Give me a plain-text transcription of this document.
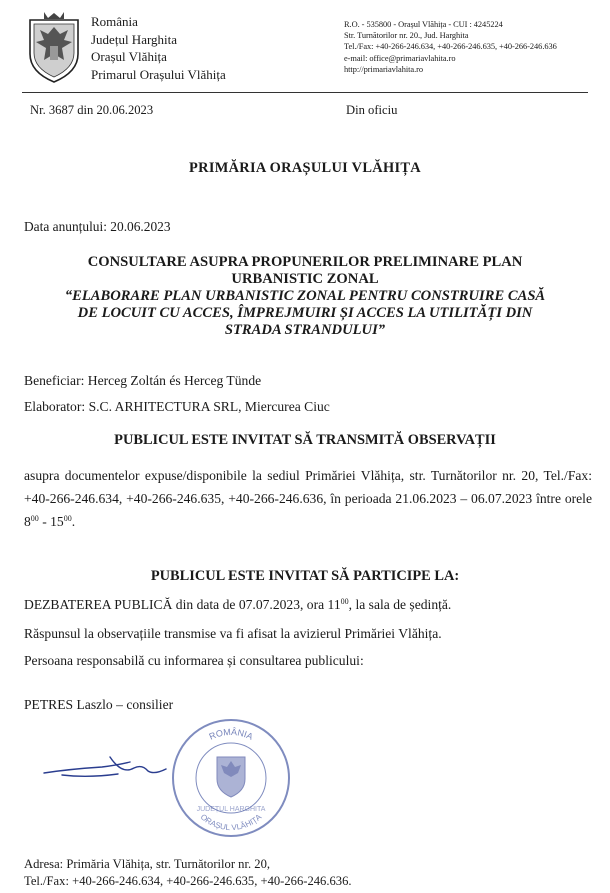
România
Județul Harghita
Orașul Vlăhița
Primarul Orașului Vlăhița
R.O. - 535800 - Orașul Vlăhița - CUI : 4245224
Str. Turnătorilor nr. 20., Jud. Harghita
Tel./Fax: +40-266-246.634, +40-266-246.635, +40-266-246.636
e-mail: office@primariavlahita.ro
http://primariavlahita.ro
Nr. 3687 din 20.06.2023	Din oficiu
PRIMĂRIA ORAȘULUI VLĂHIȚA
Data anunțului: 20.06.2023
CONSULTARE ASUPRA PROPUNERILOR PRELIMINARE PLAN
URBANISTIC ZONAL
“ELABORARE PLAN URBANISTIC ZONAL PENTRU CONSTRUIRE CASĂ
DE LOCUIT CU ACCES, ÎMPREJMUIRI ȘI ACCES LA UTILITĂȚI DIN
STRADA STRANDULUI”
Beneficiar: Herceg Zoltán és Herceg Tünde
Elaborator: S.C. ARHITECTURA SRL, Miercurea Ciuc
PUBLICUL ESTE INVITAT SĂ TRANSMITĂ OBSERVAȚII
asupra documentelor expuse/disponibile la sediul Primăriei Vlăhița, str. Turnătorilor nr. 20, Tel./Fax: +40-266-246.634, +40-266-246.635, +40-266-246.636, în perioada 21.06.2023 – 06.07.2023 între orele $8^{00} - 15^{00}$.
PUBLICUL ESTE INVITAT SĂ PARTICIPE LA:
DEZBATEREA PUBLICĂ din data de 07.07.2023, ora $11^{00}$, la sala de ședință.
Răspunsul la observațiile transmise va fi afisat la avizierul Primăriei Vlăhița.
Persoana responsabilă cu informarea și consultarea publicului:
PETRES Laszlo – consilier
ROMÂNIA
ORAȘUL VLĂHIȚA
JUDEȚUL HARGHITA
Adresa: Primăria Vlăhița, str. Turnătorilor nr. 20,
Tel./Fax: +40-266-246.634, +40-266-246.635, +40-266-246.636.
